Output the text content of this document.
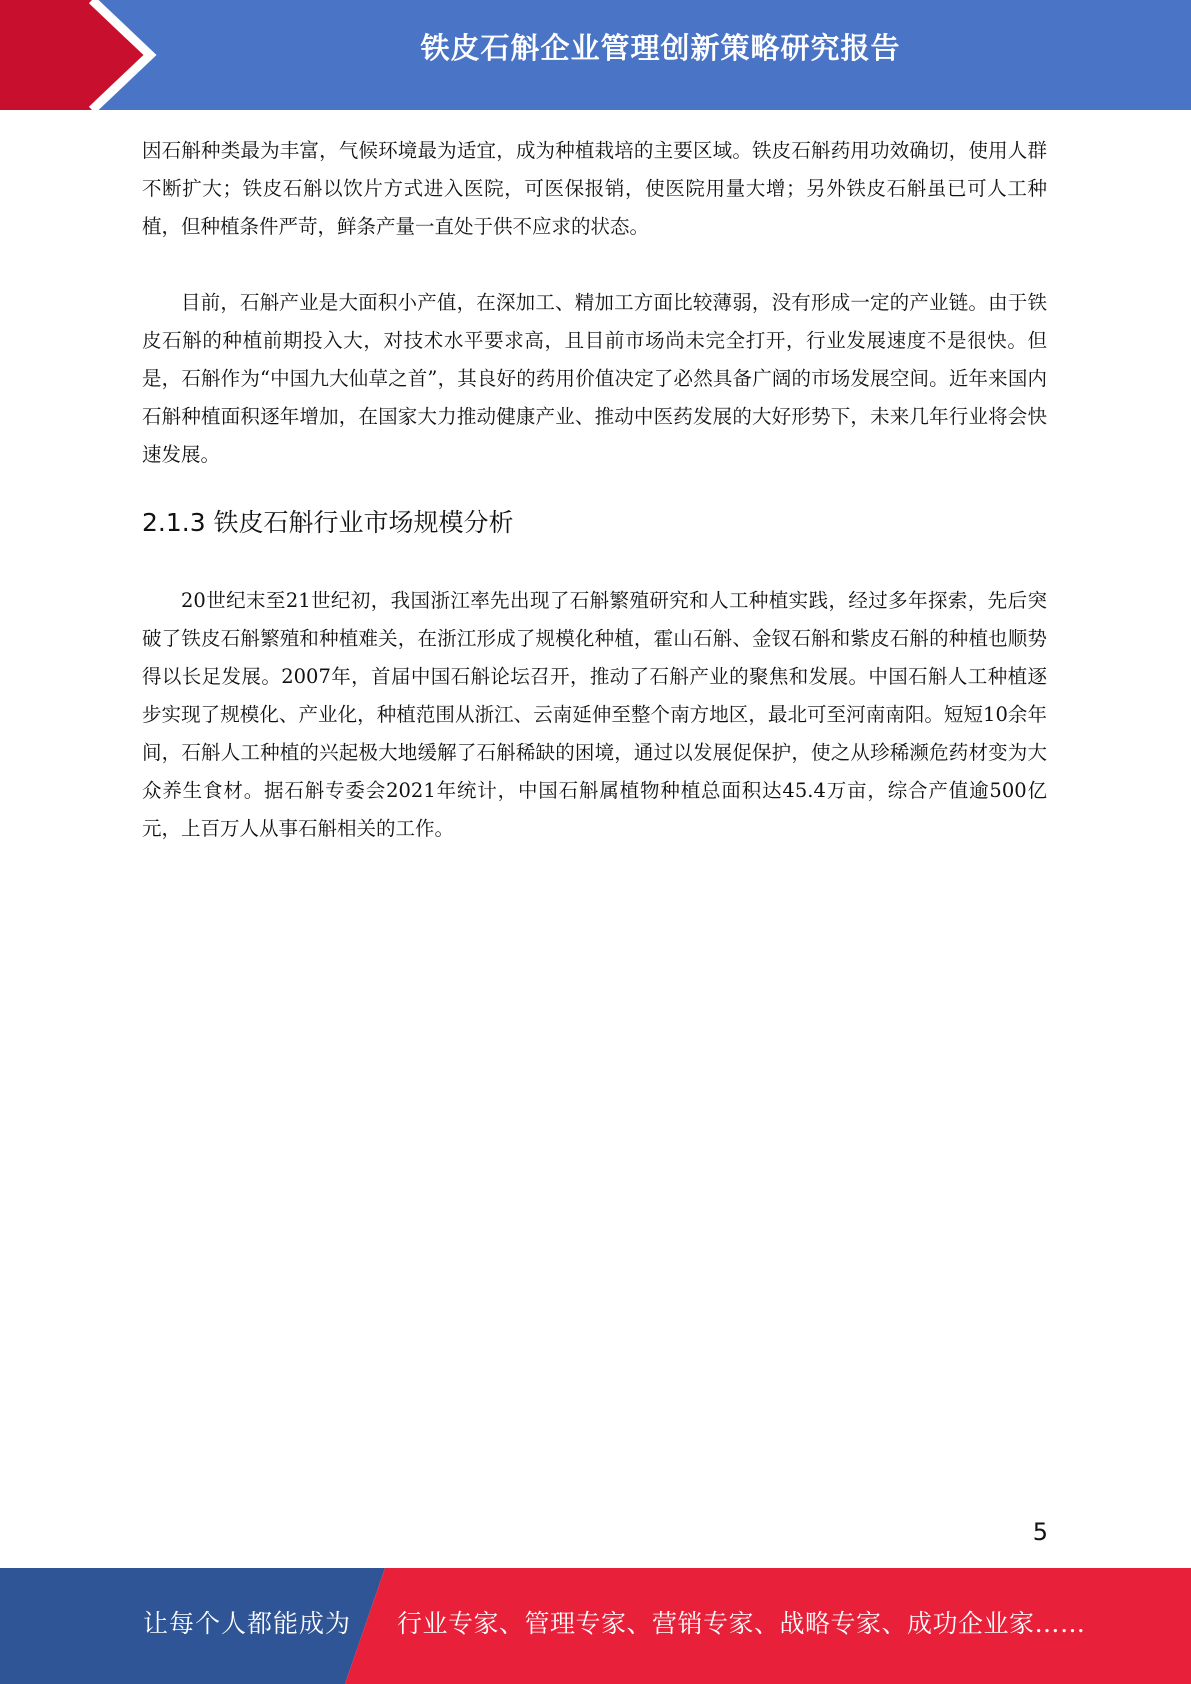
铁皮石斛企业管理创新策略研究报告

因石斛种类最为丰富，气候环境最为适宜，成为种植栽培的主要区域。铁皮石斛药用功效确切，使用人群不断扩大；铁皮石斛以饮片方式进入医院，可医保报销，使医院用量大增；另外铁皮石斛虽已可人工种植，但种植条件严苛，鲜条产量一直处于供不应求的状态。

目前，石斛产业是大面积小产值，在深加工、精加工方面比较薄弱，没有形成一定的产业链。由于铁皮石斛的种植前期投入大，对技术水平要求高，且目前市场尚未完全打开，行业发展速度不是很快。但是，石斛作为“中国九大仙草之首”，其良好的药用价值决定了必然具备广阔的市场发展空间。近年来国内石斛种植面积逐年增加，在国家大力推动健康产业、推动中医药发展的大好形势下，未来几年行业将会快速发展。

2.1.3 铁皮石斛行业市场规模分析

20世纪末至21世纪初，我国浙江率先出现了石斛繁殖研究和人工种植实践，经过多年探索，先后突破了铁皮石斛繁殖和种植难关，在浙江形成了规模化种植，霍山石斛、金钗石斛和紫皮石斛的种植也顺势得以长足发展。2007年，首届中国石斛论坛召开，推动了石斛产业的聚焦和发展。中国石斛人工种植逐步实现了规模化、产业化，种植范围从浙江、云南延伸至整个南方地区，最北可至河南南阳。短短10余年间，石斛人工种植的兴起极大地缓解了石斛稀缺的困境，通过以发展促保护，使之从珍稀濒危药材变为大众养生食材。据石斛专委会2021年统计，中国石斛属植物种植总面积达45.4万亩，综合产值逾500亿元，上百万人从事石斛相关的工作。

5
让每个人都能成为 行业专家、管理专家、营销专家、战略专家、成功企业家……
